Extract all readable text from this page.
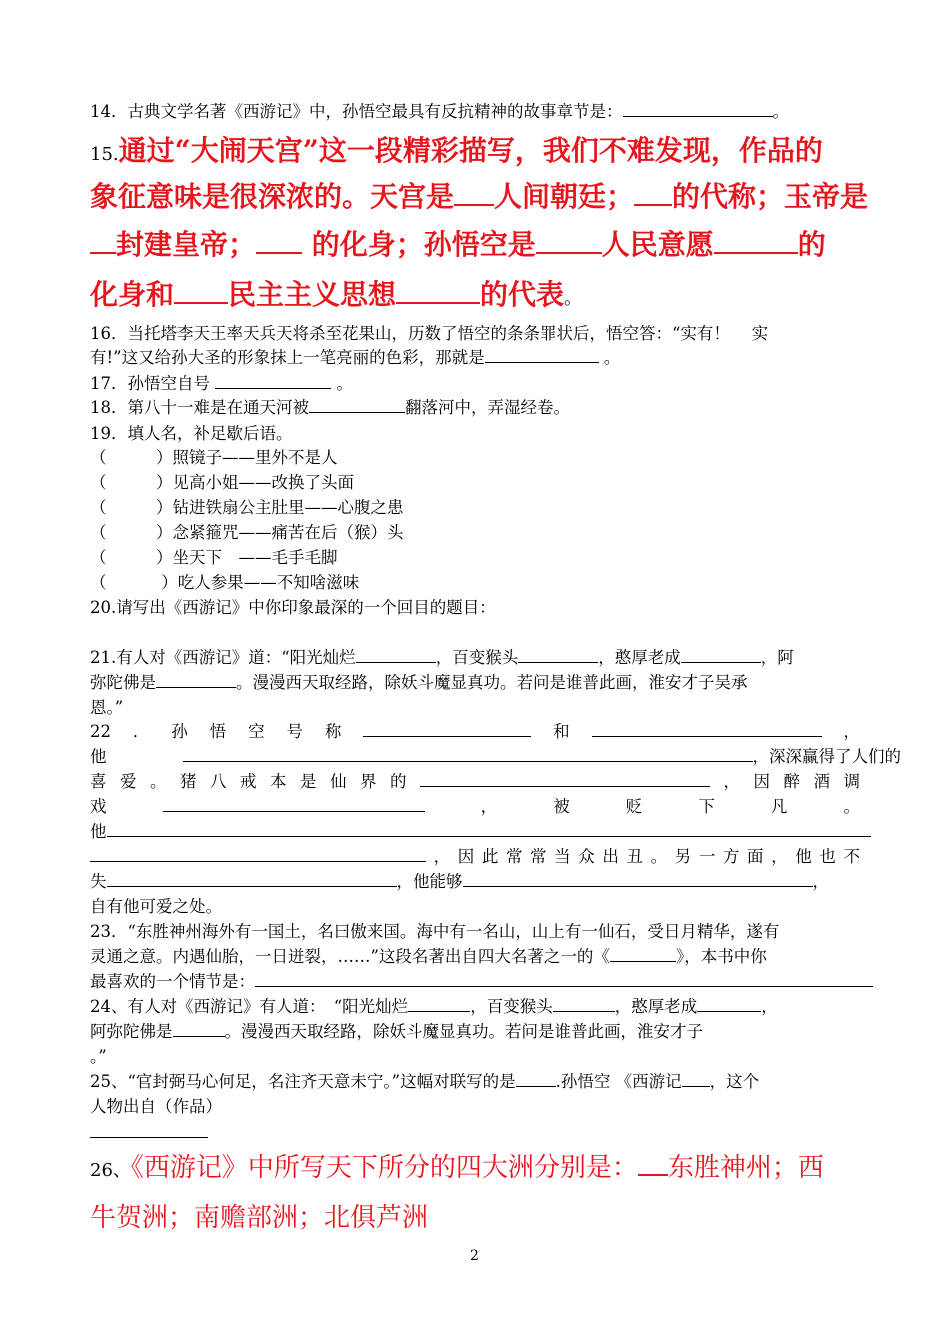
14．古典文学名著《西游记》中，孙悟空最具有反抗精神的故事章节是：	。
15.通过“大闹天宫”这一段精彩描写，我们不难发现，作品的
象征意味是很深浓的。天宫是 人间朝廷； 的代称；玉帝是
封建皇帝； 的化身；孙悟空是 人民意愿	的
化身和 民主主义思想	的代表。
16．当托塔李天王率天兵天将杀至花果山，历数了悟空的条条罪状后，悟空答：“实有！　 实
有!”这又给孙大圣的形象抹上一笔亮丽的色彩，那就是	。
17．孙悟空自号	。
18．第八十一难是在通天河被	翻落河中，弄湿经卷。
19．填人名，补足歇后语。
（　　　）照镜子——里外不是人
（　　　）见高小姐——改换了头面
（　　　）钻进铁扇公主肚里——心腹之患
（　　　）念紧箍咒——痛苦在后（猴）头
（　　　）坐天下　——毛手毛脚
（　　　 ）吃人参果——不知啥滋味
20.请写出《西游记》中你印象最深的一个回目的题目：
21.有人对《西游记》道：“阳光灿烂	，百变猴头	，憨厚老成	，阿
弥陀佛是	。漫漫西天取经路，除妖斗魔显真功。若问是谁普此画，淮安才子吴承
恩。”
22 ． 孙 悟 空 号 称	和	，
他	，深深赢得了人们的
喜 爱 。 猪 八 戒 本 是 仙 界 的	， 因 醉 酒 调
戏	，	被	贬	下	凡	。
他
， 因 此 常 常 当 众 出 丑 。 另 一 方 面 ， 他 也 不
失	，他能够	，
自有他可爱之处。
23．“东胜神州海外有一国土，名曰傲来国。海中有一名山，山上有一仙石，受日月精华，遂有
灵通之意。内遇仙胎，一日迸裂，……”这段名著出自四大名著之一的《	》，本书中你
最喜欢的一个情节是：
24、有人对《西游记》有人道：　“阳光灿烂	，百变猴头	，憨厚老成	，
阿弥陀佛是	。漫漫西天取经路，除妖斗魔显真功。若问是谁普此画，淮安才子
。”
25、“官封弼马心何足，名注齐天意未宁。”这幅对联写的是 .孙悟空 《西游记 ，这个
人物出自（作品）
26、《西游记》中所写天下所分的四大洲分别是： 东胜神州；西
牛贺洲；南赡部洲；北俱芦洲
2
